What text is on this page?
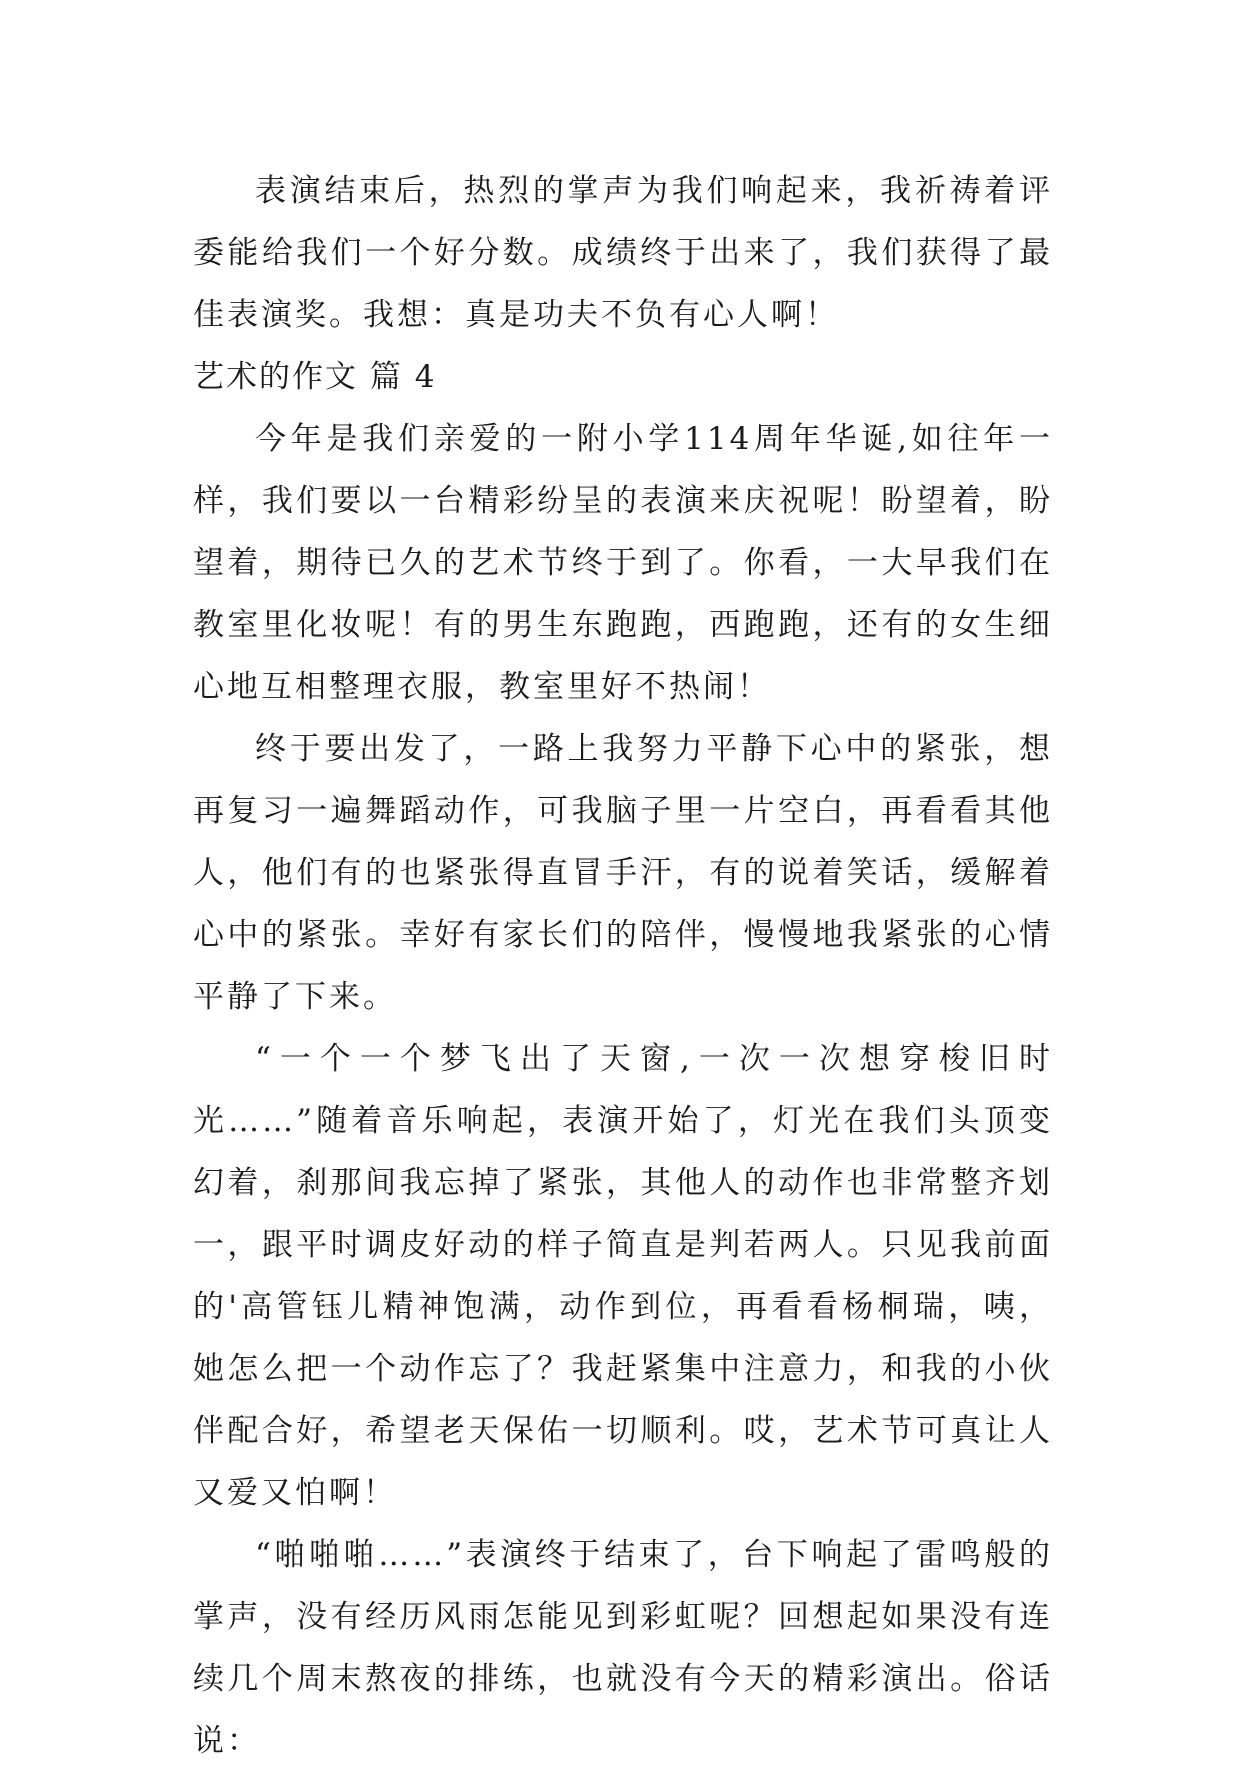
表演结束后，热烈的掌声为我们响起来，我祈祷着评委能给我们一个好分数。成绩终于出来了，我们获得了最佳表演奖。我想：真是功夫不负有心人啊！

艺术的作文 篇 4

今年是我们亲爱的一附小学114周年华诞,如往年一样，我们要以一台精彩纷呈的表演来庆祝呢！盼望着，盼望着，期待已久的艺术节终于到了。你看，一大早我们在教室里化妆呢！有的男生东跑跑，西跑跑，还有的女生细心地互相整理衣服，教室里好不热闹！

终于要出发了，一路上我努力平静下心中的紧张，想再复习一遍舞蹈动作，可我脑子里一片空白，再看看其他人，他们有的也紧张得直冒手汗，有的说着笑话，缓解着心中的紧张。幸好有家长们的陪伴，慢慢地我紧张的心情平静了下来。

“一个一个梦飞出了天窗,一次一次想穿梭旧时光……”随着音乐响起，表演开始了，灯光在我们头顶变幻着，刹那间我忘掉了紧张，其他人的动作也非常整齐划一，跟平时调皮好动的样子简直是判若两人。只见我前面的'高管钰儿精神饱满，动作到位，再看看杨桐瑞，咦，她怎么把一个动作忘了？我赶紧集中注意力，和我的小伙伴配合好，希望老天保佑一切顺利。哎，艺术节可真让人又爱又怕啊！

“啪啪啪……”表演终于结束了，台下响起了雷鸣般的掌声，没有经历风雨怎能见到彩虹呢？回想起如果没有连续几个周末熬夜的排练，也就没有今天的精彩演出。俗话说：
